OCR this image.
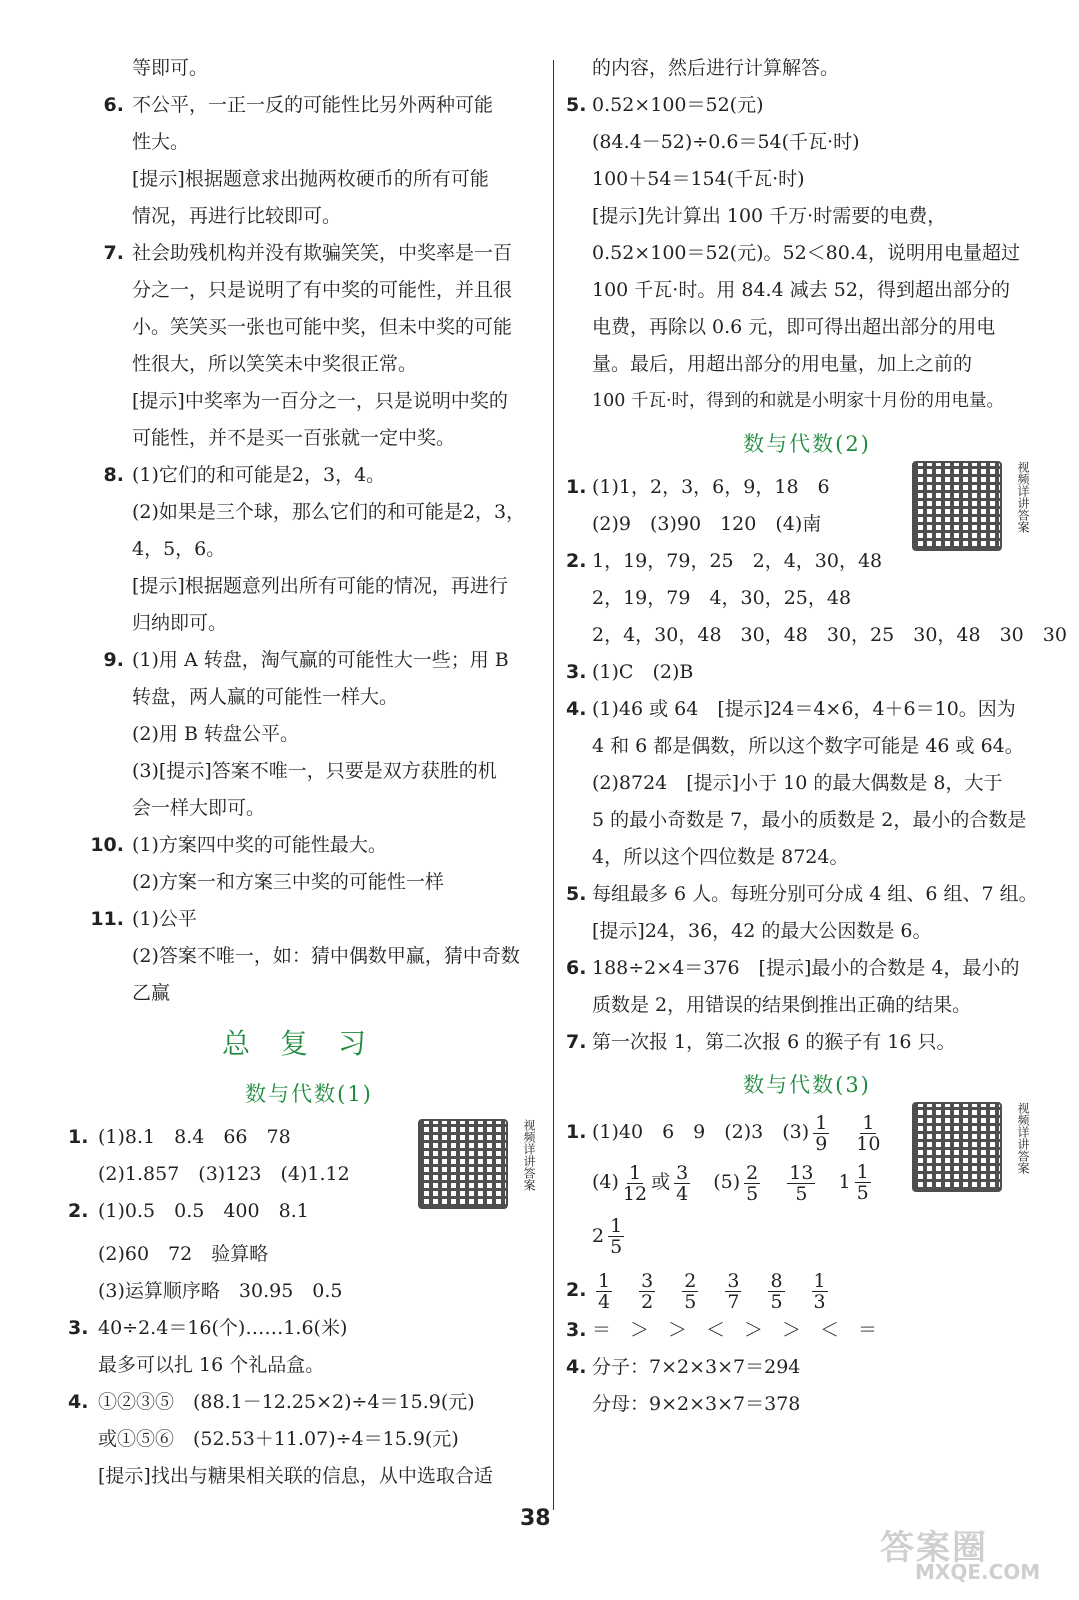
等即可。

6. 不公平，一正一反的可能性比另外两种可能

性大。

[提示]根据题意求出抛两枚硬币的所有可能

情况，再进行比较即可。

7. 社会助残机构并没有欺骗笑笑，中奖率是一百

分之一，只是说明了有中奖的可能性，并且很

小。笑笑买一张也可能中奖，但未中奖的可能

性很大，所以笑笑未中奖很正常。

[提示]中奖率为一百分之一，只是说明中奖的

可能性，并不是买一百张就一定中奖。

8. (1)它们的和可能是2，3，4。

(2)如果是三个球，那么它们的和可能是2，3，

4，5，6。

[提示]根据题意列出所有可能的情况，再进行

归纳即可。

9. (1)用 A 转盘，淘气赢的可能性大一些；用 B

转盘，两人赢的可能性一样大。

(2)用 B 转盘公平。

(3)[提示]答案不唯一，只要是双方获胜的机

会一样大即可。

10. (1)方案四中奖的可能性最大。

(2)方案一和方案三中奖的可能性一样

11. (1)公平

(2)答案不唯一，如：猜中偶数甲赢，猜中奇数

乙赢

总复习
数与代数(1)
视频详讲答案

1. (1)8.1　8.4　66　78

(2)1.857　(3)123　(4)1.12

2. (1)0.5　0.5　400　8.1

(2)60　72　验算略

(3)运算顺序略　30.95　0.5

3. 40÷2.4＝16(个)……1.6(米)

最多可以扎 16 个礼品盒。

4. ①②③⑤　(88.1－12.25×2)÷4＝15.9(元)

或①⑤⑥　(52.53＋11.07)÷4＝15.9(元)

[提示]找出与糖果相关联的信息，从中选取合适

的内容，然后进行计算解答。

5. 0.52×100＝52(元)

(84.4－52)÷0.6＝54(千瓦·时)

100＋54＝154(千瓦·时)

[提示]先计算出 100 千万·时需要的电费，

0.52×100＝52(元)。52＜80.4，说明用电量超过

100 千瓦·时。用 84.4 减去 52，得到超出部分的

电费，再除以 0.6 元，即可得出超出部分的用电

量。最后，用超出部分的用电量，加上之前的

100 千瓦·时，得到的和就是小明家十月份的用电量。

数与代数(2)
视频详讲答案

1. (1)1，2，3，6，9，18　6

(2)9　(3)90　120　(4)南

2. 1，19，79，25　2，4，30，48

2，19，79　4，30，25，48

2，4，30，48　30，48　30，25　30，48　30　30

3. (1)C　(2)B

4. (1)46 或 64　[提示]24＝4×6，4＋6＝10。因为

4 和 6 都是偶数，所以这个数字可能是 46 或 64。

(2)8724　[提示]小于 10 的最大偶数是 8，大于

5 的最小奇数是 7，最小的质数是 2，最小的合数是

4，所以这个四位数是 8724。

5. 每组最多 6 人。每班分别可分成 4 组、6 组、7 组。

[提示]24，36，42 的最大公因数是 6。

6. 188÷2×4＝376　[提示]最小的合数是 4，最小的

质数是 2，用错误的结果倒推出正确的结果。

7. 第一次报 1，第二次报 6 的猴子有 16 只。

数与代数(3)
视频详讲答案

1. (1)40　6　9　(2)3　$(3) \frac{1}{9}$
　 $\frac{1}{10}$

$(4) \frac{1}{12}$ 或 $\frac{3}{4}$
　 $(5) \frac{2}{5}$
　 $\frac{13}{5}$
　 $1 \frac{1}{5}$

$2 \frac{1}{5}$

2. $\frac{1}{4}$
　 $\frac{3}{2}$
　 $\frac{2}{5}$
　 $\frac{3}{7}$
　 $\frac{8}{5}$
　 $\frac{1}{3}$

3. ＝　＞　＞　＜　＞　＞　＜　＝

4. 分子：7×2×3×7＝294

分母：9×2×3×7＝378

38
答案圈
MXQE.COM
